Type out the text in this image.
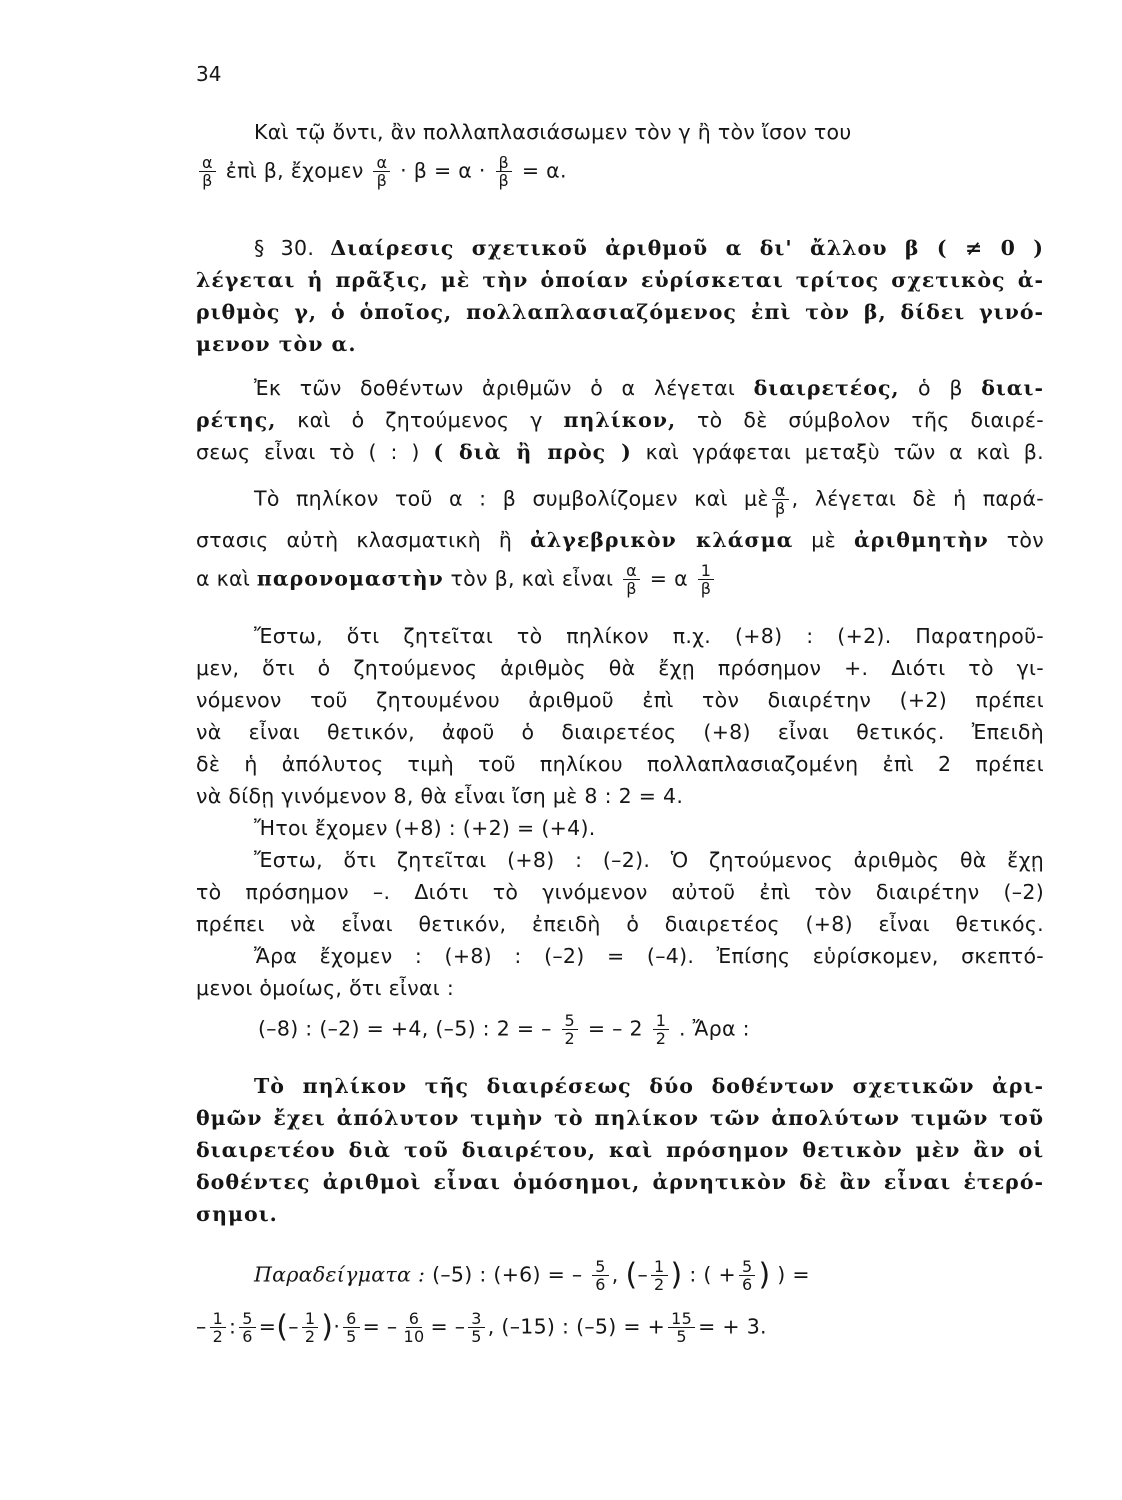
34
Καὶ τῷ ὄντι, ἂν πολλαπλασιάσωμεν τὸν γ ἢ τὸν ἴσον του
$\frac{\alpha}{\beta}$ ἐπὶ β, ἔχομεν $\frac{\alpha}{\beta} \cdot \beta = \alpha \cdot \frac{\beta}{\beta} = \alpha$.
§ 30. Διαίρεσις σχετικοῦ ἀριθμοῦ α δι' ἄλλου β ( ≠ 0 )
λέγεται ἡ πρᾶξις, μὲ τὴν ὁποίαν εὑρίσκεται τρίτος σχετικὸς ἀ-
ριθμὸς γ, ὁ ὁποῖος, πολλαπλασιαζόμενος ἐπὶ τὸν β, δίδει γινό-
μενον τὸν α.
Ἐκ τῶν δοθέντων ἀριθμῶν ὁ α λέγεται διαιρετέος, ὁ β διαι-
ρέτης, καὶ ὁ ζητούμενος γ πηλίκον, τὸ δὲ σύμβολον τῆς διαιρέ-
σεως εἶναι τὸ ( : ) ( διὰ ἢ πρὸς ) καὶ γράφεται μεταξὺ τῶν α καὶ β.
Τὸ πηλίκον τοῦ α : β συμβολίζομεν καὶ μὲ $\frac{\alpha}{\beta}$ , λέγεται δὲ ἡ παρά-
στασις αὐτὴ κλασματικὴ ἢ ἀλγεβρικὸν κλάσμα μὲ ἀριθμητὴν τὸν
α καὶ παρονομαστὴν τὸν β, καὶ εἶναι $\frac{\alpha}{\beta} = \alpha \frac{1}{\beta}$
Ἔστω, ὅτι ζητεῖται τὸ πηλίκον π.χ. (+8) : (+2). Παρατηροῦ-
μεν, ὅτι ὁ ζητούμενος ἀριθμὸς θὰ ἔχῃ πρόσημον +. Διότι τὸ γι-
νόμενον τοῦ ζητουμένου ἀριθμοῦ ἐπὶ τὸν διαιρέτην (+2) πρέπει
νὰ εἶναι θετικόν, ἀφοῦ ὁ διαιρετέος (+8) εἶναι θετικός. Ἐπειδὴ
δὲ ἡ ἀπόλυτος τιμὴ τοῦ πηλίκου πολλαπλασιαζομένη ἐπὶ 2 πρέπει
νὰ δίδῃ γινόμενον 8, θὰ εἶναι ἴση μὲ 8 : 2 = 4.
Ἤτοι ἔχομεν (+8) : (+2) = (+4).
Ἔστω, ὅτι ζητεῖται (+8) : (–2). Ὁ ζητούμενος ἀριθμὸς θὰ ἔχῃ
τὸ πρόσημον –. Διότι τὸ γινόμενον αὐτοῦ ἐπὶ τὸν διαιρέτην (–2)
πρέπει νὰ εἶναι θετικόν, ἐπειδὴ ὁ διαιρετέος (+8) εἶναι θετικός.
Ἄρα ἔχομεν : (+8) : (–2) = (–4). Ἐπίσης εὑρίσκομεν, σκεπτό-
μενοι ὁμοίως, ὅτι εἶναι :
(–8) : (–2) = +4, (–5) : 2 = – $\frac{5}{2}$ = – $2 \frac{1}{2}$ . Ἄρα :
Τὸ πηλίκον τῆς διαιρέσεως δύο δοθέντων σχετικῶν ἀρι-
θμῶν ἔχει ἀπόλυτον τιμὴν τὸ πηλίκον τῶν ἀπολύτων τιμῶν τοῦ
διαιρετέου διὰ τοῦ διαιρέτου, καὶ πρόσημον θετικὸν μὲν ἂν οἱ
δοθέντες ἀριθμοὶ εἶναι ὁμόσημοι, ἀρνητικὸν δὲ ἂν εἶναι ἑτερό-
σημοι.
Παραδείγματα : (–5) : (+6) = – $\frac{5}{6}$ , (– $\frac{1}{2}$ ) : ( + $\frac{5}{6}$ ) ) =
– $\frac{1}{2}$ : $\frac{5}{6}$ =(– $\frac{1}{2}$ )· $\frac{6}{5}$ = – $\frac{6}{10}$ = – $\frac{3}{5}$ , (–15) : (–5) = + $\frac{15}{5}$ = + 3.
